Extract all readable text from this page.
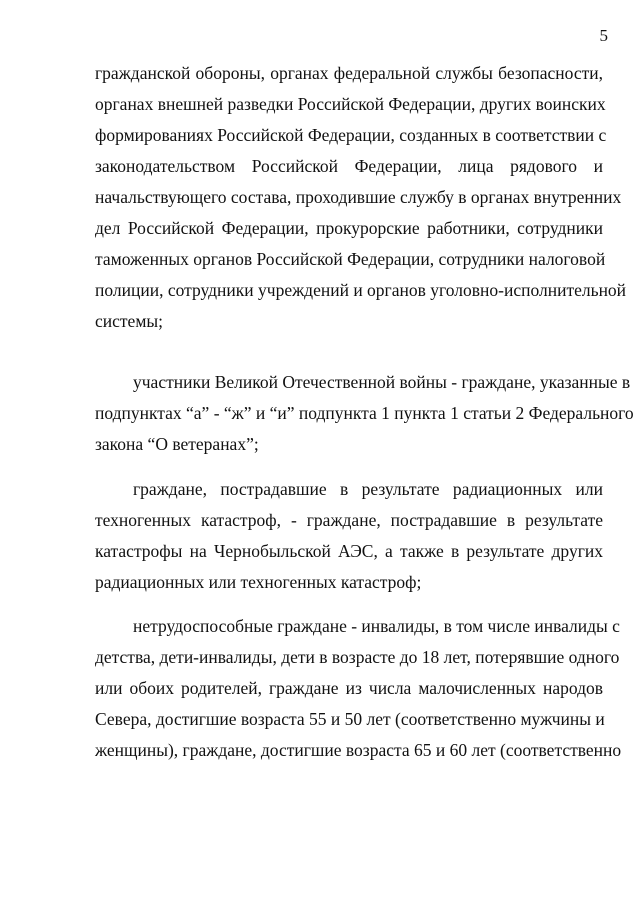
5
гражданской обороны, органах федеральной службы безопасности,
органах внешней разведки Российской Федерации, других воинских
формированиях Российской Федерации, созданных в соответствии с
законодательством Российской Федерации, лица рядового и
начальствующего состава, проходившие службу в органах внутренних
дел Российской Федерации, прокурорские работники, сотрудники
таможенных органов Российской Федерации, сотрудники налоговой
полиции, сотрудники учреждений и органов уголовно-исполнительной
системы;
участники Великой Отечественной войны - граждане, указанные в
подпунктах “а” - “ж” и “и” подпункта 1 пункта 1 статьи 2 Федерального
закона “О ветеранах”;
граждане, пострадавшие в результате радиационных или
техногенных катастроф, - граждане, пострадавшие в результате
катастрофы на Чернобыльской АЭС, а также в результате других
радиационных или техногенных катастроф;
нетрудоспособные граждане - инвалиды, в том числе инвалиды с
детства, дети-инвалиды, дети в возрасте до 18 лет, потерявшие одного
или обоих родителей, граждане из числа малочисленных народов
Севера, достигшие возраста 55 и 50 лет (соответственно мужчины и
женщины), граждане, достигшие возраста 65 и 60 лет (соответственно
